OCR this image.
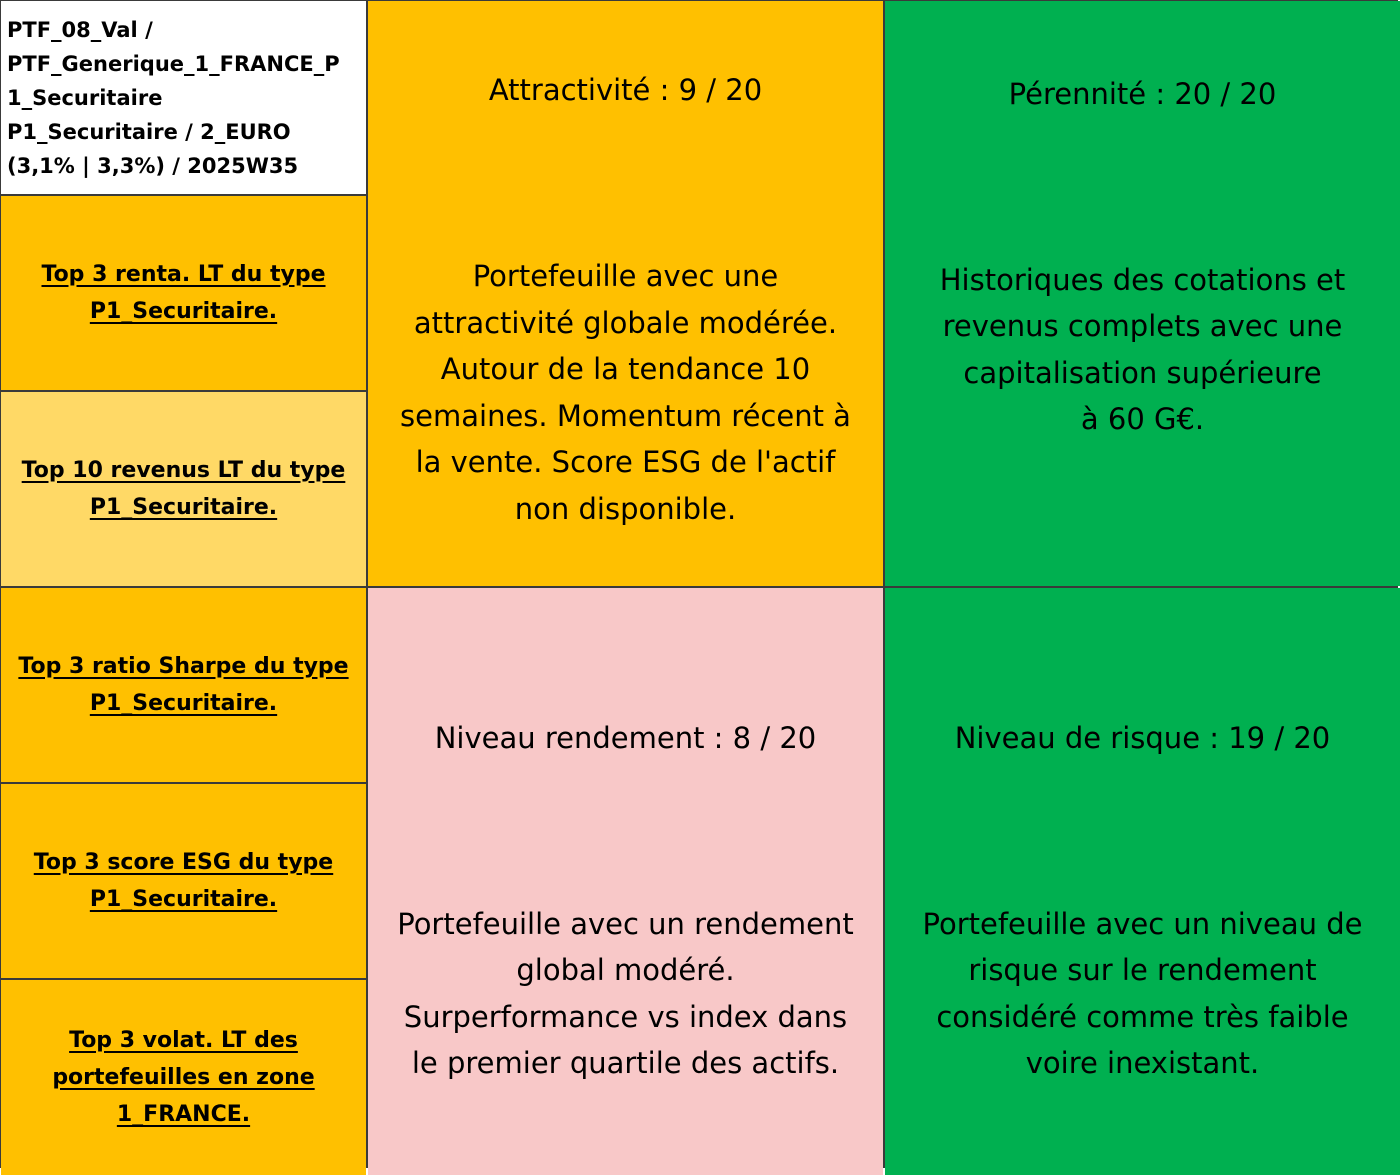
PTF_08_Val /
PTF_Generique_1_FRANCE_P
1_Securitaire
P1_Securitaire / 2_EURO
(3,1% | 3,3%) / 2025W35
Top 3 renta. LT du type
P1_Securitaire.
Top 10 revenus LT du type
P1_Securitaire.
Top 3 ratio Sharpe du type
P1_Securitaire.
Top 3 score ESG du type
P1_Securitaire.
Top 3 volat. LT des
portefeuilles en zone
1_FRANCE.

Attractivité : 9 / 20

Portefeuille avec une
attractivité globale modérée.
Autour de la tendance 10
semaines. Momentum récent à
la vente. Score ESG de l'actif
non disponible.

Pérennité : 20 / 20

Historiques des cotations et
revenus complets avec une
capitalisation supérieure
à 60 G€.

Niveau rendement : 8 / 20

Portefeuille avec un rendement
global modéré.
Surperformance vs index dans
le premier quartile des actifs.

Niveau de risque : 19 / 20

Portefeuille avec un niveau de
risque sur le rendement
considéré comme très faible
voire inexistant.
